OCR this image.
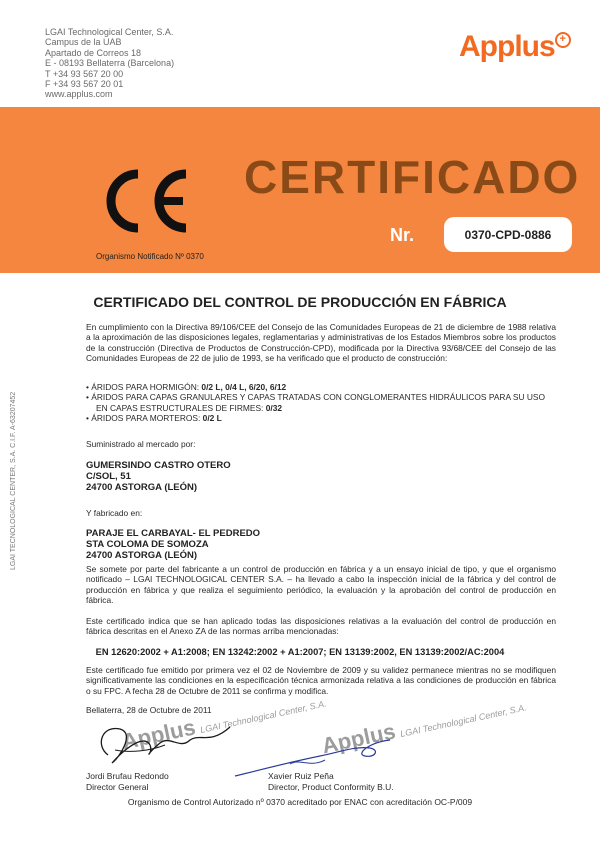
LGAI Technological Center, S.A.
Campus de la UAB
Apartado de Correos 18
E - 08193 Bellaterra (Barcelona)
T +34 93 567 20 00
F +34 93 567 20 01
www.applus.com
Applus +
Organismo Notificado Nº 0370
CERTIFICADO
Nr.	0370-CPD-0886
LGAI TECNOLOGICAL CENTER, S.A. C.I.F. A-63207452
CERTIFICADO DEL CONTROL DE PRODUCCIÓN EN FÁBRICA
En cumplimiento con la Directiva 89/106/CEE del Consejo de las Comunidades Europeas de 21 de diciembre de 1988 relativa a la aproximación de las disposiciones legales, reglamentarias y administrativas de los Estados Miembros sobre los productos de la construcción (Directiva de Productos de Construcción-CPD), modificada por la Directiva 93/68/CEE del Consejo de las Comunidades Europeas de 22 de julio de 1993, se ha verificado que el producto de construcción:
• ÁRIDOS PARA HORMIGÓN: 0/2 L, 0/4 L, 6/20, 6/12
• ÁRIDOS PARA CAPAS GRANULARES Y CAPAS TRATADAS CON CONGLOMERANTES HIDRÁULICOS PARA SU USO EN CAPAS ESTRUCTURALES DE FIRMES: 0/32
• ÁRIDOS PARA MORTEROS: 0/2 L
Suministrado al mercado por:
GUMERSINDO CASTRO OTERO
C/SOL, 51
24700 ASTORGA (LEÓN)
Y fabricado en:
PARAJE EL CARBAYAL- EL PEDREDO
STA COLOMA DE SOMOZA
24700 ASTORGA (LEÓN)
Se somete por parte del fabricante a un control de producción en fábrica y a un ensayo inicial de tipo, y que el organismo notificado – LGAI TECHNOLOGICAL CENTER S.A. – ha llevado a cabo la inspección inicial de la fábrica y del control de producción en fábrica y que realiza el seguimiento periódico, la evaluación y la aprobación del control de producción en fábrica.
Este certificado indica que se han aplicado todas las disposiciones relativas a la evaluación del control de producción en fábrica descritas en el Anexo ZA de las normas arriba mencionadas:
EN 12620:2002 + A1:2008; EN 13242:2002 + A1:2007; EN 13139:2002, EN 13139:2002/AC:2004
Este certificado fue emitido por primera vez el 02 de Noviembre de 2009 y su validez permanece mientras no se modifiquen significativamente las condiciones en la especificación técnica armonizada relativa a las condiciones de producción en fábrica o su FPC. A fecha 28 de Octubre de 2011 se confirma y modifica.
Bellaterra, 28 de Octubre de 2011
Applus LGAI Technological Center, S.A.
Applus LGAI Technological Center, S.A.
Jordi Brufau Redondo
Director General
Xavier Ruiz Peña
Director, Product Conformity B.U.
Organismo de Control Autorizado nº 0370 acreditado por ENAC con acreditación OC-P/009
